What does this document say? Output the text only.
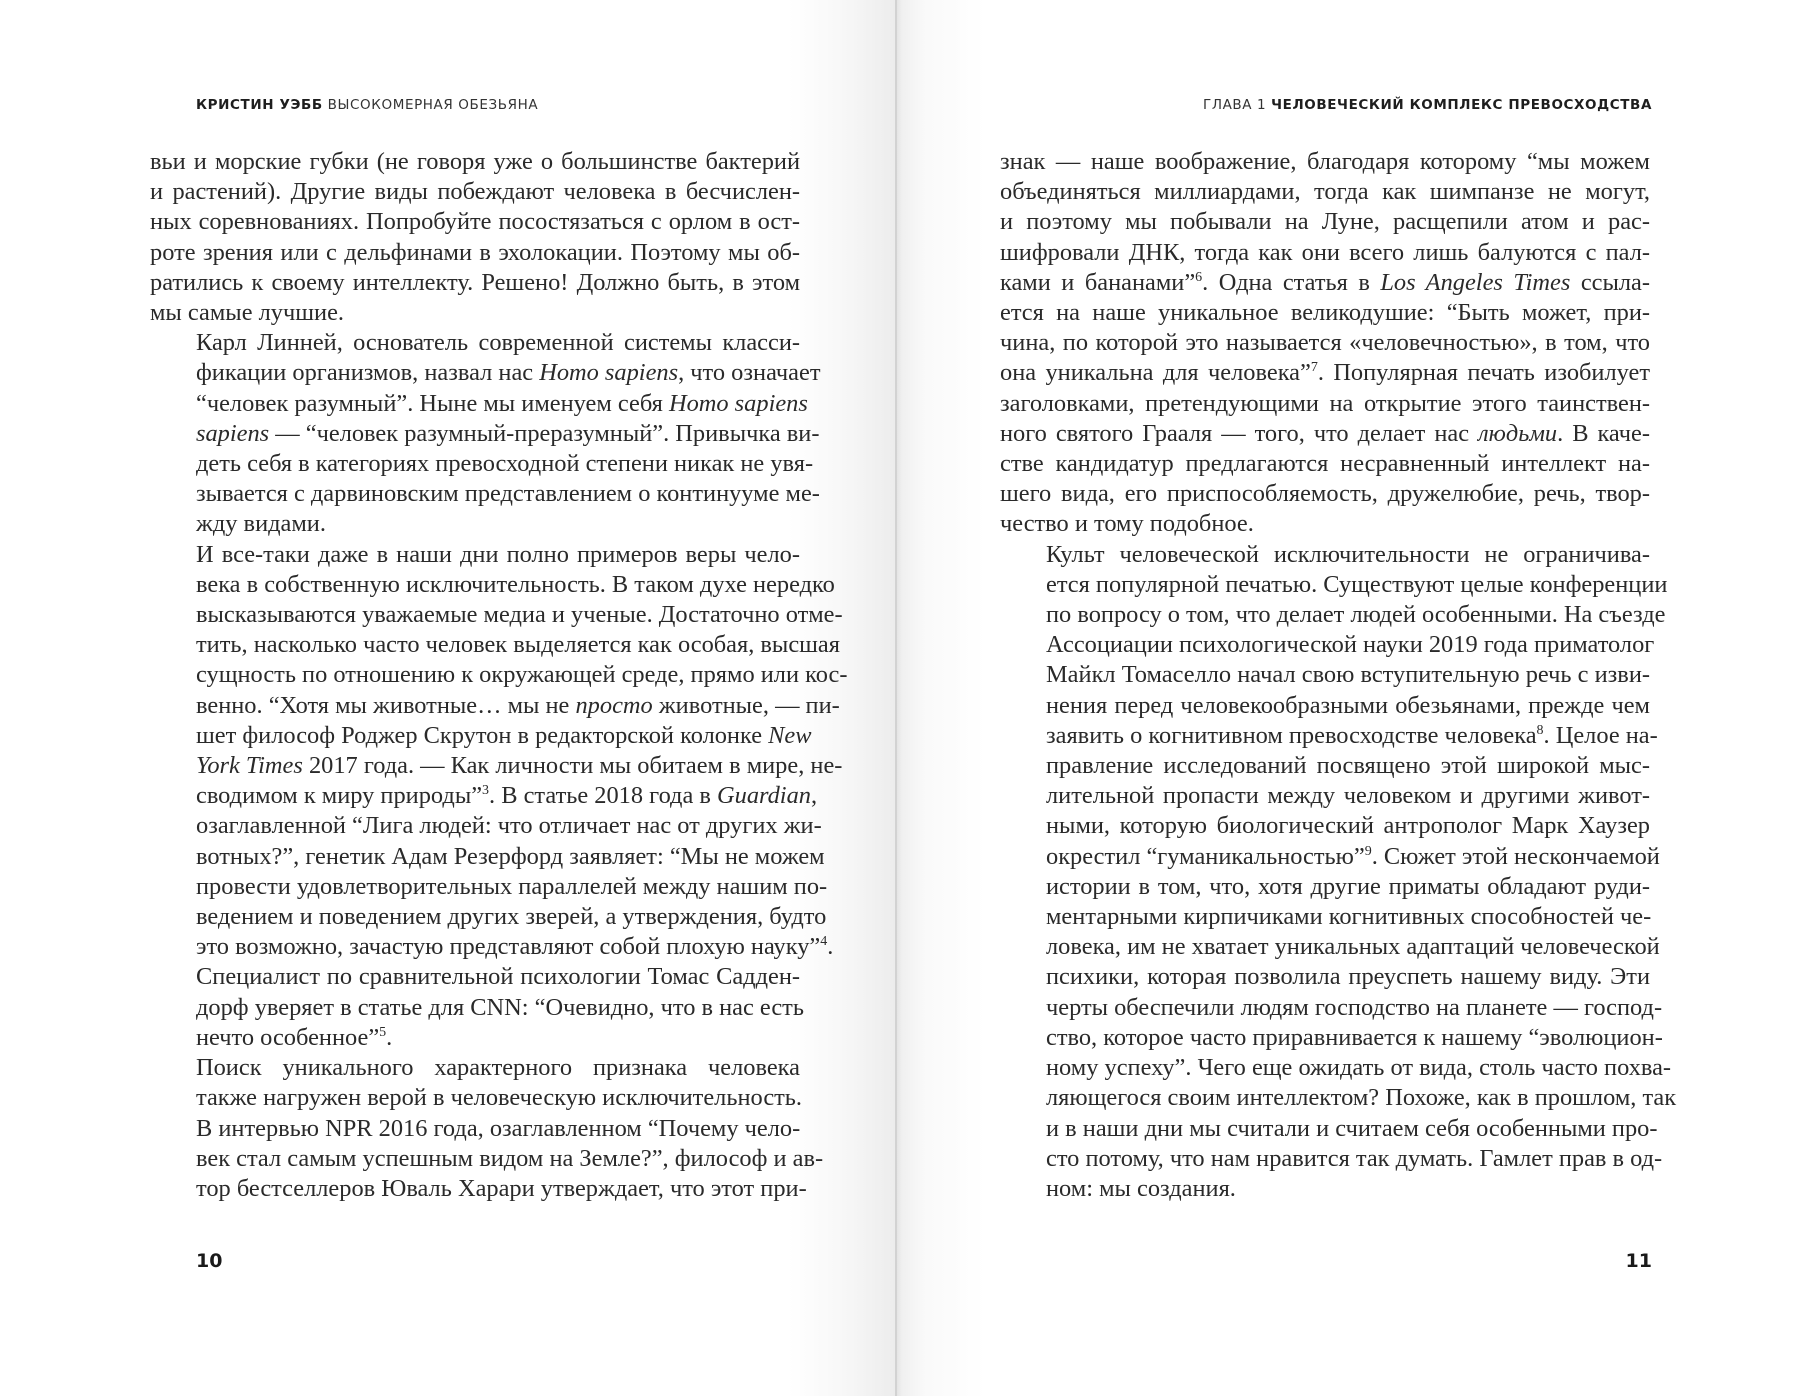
КРИСТИН УЭББ ВЫСОКОМЕРНАЯ ОБЕЗЬЯНА

вьи и морские губки (не говоря уже о большинстве бактерий
и растений). Другие виды побеждают человека в бесчислен-
ных соревнованиях. Попробуйте посостязаться с орлом в ост-
роте зрения или с дельфинами в эхолокации. Поэтому мы об-
ратились к своему интеллекту. Решено! Должно быть, в этом
мы самые лучшие.

Карл Линней, основатель современной системы класси-
фикации организмов, назвал нас Homo sapiens, что означает
“человек разумный”. Ныне мы именуем себя Homo sapiens
sapiens — “человек разумный-преразумный”. Привычка ви-
деть себя в категориях превосходной степени никак не увя-
зывается с дарвиновским представлением о континууме ме-
жду видами.

И все-таки даже в наши дни полно примеров веры чело-
века в собственную исключительность. В таком духе нередко
высказываются уважаемые медиа и ученые. Достаточно отме-
тить, насколько часто человек выделяется как особая, высшая
сущность по отношению к окружающей среде, прямо или кос-
венно. “Хотя мы животные… мы не просто животные, — пи-
шет философ Роджер Скрутон в редакторской колонке New
York Times 2017 года. — Как личности мы обитаем в мире, не-
сводимом к миру природы”$^3$. В статье 2018 года в Guardian,
озаглавленной “Лига людей: что отличает нас от других жи-
вотных?”, генетик Адам Резерфорд заявляет: “Мы не можем
провести удовлетворительных параллелей между нашим по-
ведением и поведением других зверей, а утверждения, будто
это возможно, зачастую представляют собой плохую науку”$^4$.
Специалист по сравнительной психологии Томас Садден-
дорф уверяет в статье для CNN: “Очевидно, что в нас есть
нечто особенное”$^5$.

Поиск уникального характерного признака человека
также нагружен верой в человеческую исключительность.
В интервью NPR 2016 года, озаглавленном “Почему чело-
век стал самым успешным видом на Земле?”, философ и ав-
тор бестселлеров Юваль Харари утверждает, что этот при-

10
ГЛАВА 1 ЧЕЛОВЕЧЕСКИЙ КОМПЛЕКС ПРЕВОСХОДСТВА

знак — наше воображение, благодаря которому “мы можем
объединяться миллиардами, тогда как шимпанзе не могут,
и поэтому мы побывали на Луне, расщепили атом и рас-
шифровали ДНК, тогда как они всего лишь балуются с пал-
ками и бананами”$^6$. Одна статья в Los Angeles Times ссыла-
ется на наше уникальное великодушие: “Быть может, при-
чина, по которой это называется «человечностью», в том, что
она уникальна для человека”$^7$. Популярная печать изобилует
заголовками, претендующими на открытие этого таинствен-
ного святого Грааля — того, что делает нас людьми. В каче-
стве кандидатур предлагаются несравненный интеллект на-
шего вида, его приспособляемость, дружелюбие, речь, твор-
чество и тому подобное.

Культ человеческой исключительности не ограничива-
ется популярной печатью. Существуют целые конференции
по вопросу о том, что делает людей особенными. На съезде
Ассоциации психологической науки 2019 года приматолог
Майкл Томаселло начал свою вступительную речь с изви-
нения перед человекообразными обезьянами, прежде чем
заявить о когнитивном превосходстве человека$^8$. Целое на-
правление исследований посвящено этой широкой мыс-
лительной пропасти между человеком и другими живот-
ными, которую биологический антрополог Марк Хаузер
окрестил “гуманикальностью”$^9$. Сюжет этой нескончаемой
истории в том, что, хотя другие приматы обладают руди-
ментарными кирпичиками когнитивных способностей че-
ловека, им не хватает уникальных адаптаций человеческой
психики, которая позволила преуспеть нашему виду. Эти
черты обеспечили людям господство на планете — господ-
ство, которое часто приравнивается к нашему “эволюцион-
ному успеху”. Чего еще ожидать от вида, столь часто похва-
ляющегося своим интеллектом? Похоже, как в прошлом, так
и в наши дни мы считали и считаем себя особенными про-
сто потому, что нам нравится так думать. Гамлет прав в од-
ном: мы создания.

11
